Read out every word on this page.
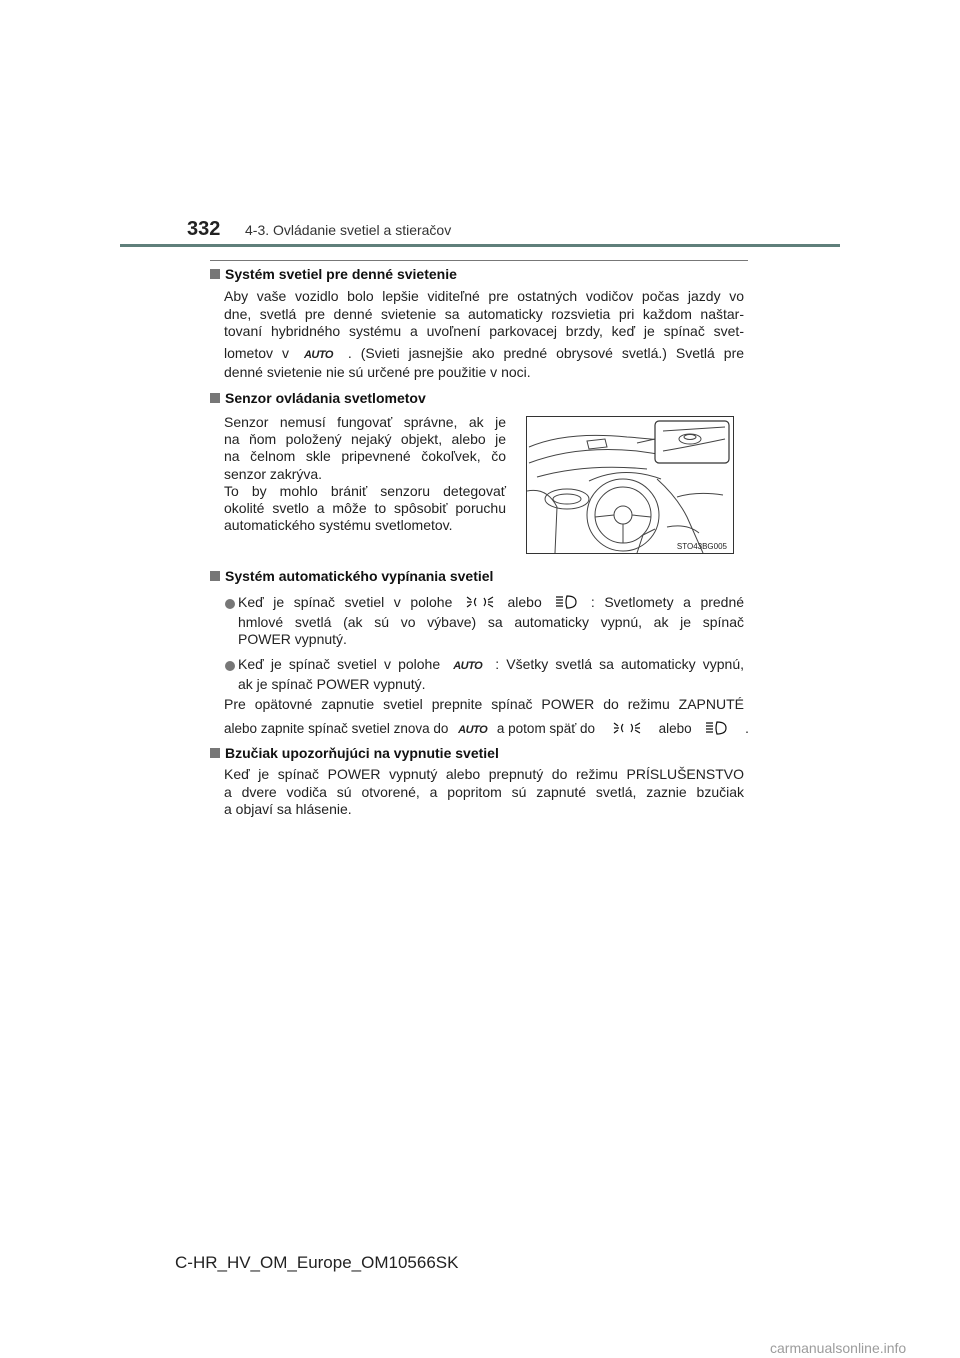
332 4-3. Ovládanie svetiel a stieračov
Systém svetiel pre denné svietenie
Aby vaše vozidlo bolo lepšie viditeľné pre ostatných vodičov počas jazdy vo
dne, svetlá pre denné svietenie sa automaticky rozsvietia pri každom naštar-
tovaní hybridného systému a uvoľnení parkovacej brzdy, keď je spínač svet-
lometov v AUTO . (Svieti jasnejšie ako predné obrysové svetlá.) Svetlá pre
denné svietenie nie sú určené pre použitie v noci.
Senzor ovládania svetlometov
Senzor nemusí fungovať správne, ak je
na ňom položený nejaký objekt, alebo je
na čelnom skle pripevnené čokoľvek, čo
senzor zakrýva.
To by mohlo brániť senzoru detegovať
okolité svetlo a môže to spôsobiť poruchu
automatického systému svetlometov.
STO43BG005
Systém automatického vypínania svetiel
Keď je spínač svetiel v polohe	alebo	: Svetlomety a predné
hmlové svetlá (ak sú vo výbave) sa automaticky vypnú, ak je spínač
POWER vypnutý.
Keď je spínač svetiel v polohe AUTO : Všetky svetlá sa automaticky vypnú,
ak je spínač POWER vypnutý.
Pre opätovné zapnutie svetiel prepnite spínač POWER do režimu ZAPNUTÉ
alebo zapnite spínač svetiel znova do AUTO a potom späť do	alebo	.
Bzučiak upozorňujúci na vypnutie svetiel
Keď je spínač POWER vypnutý alebo prepnutý do režimu PRÍSLUŠENSTVO
a dvere vodiča sú otvorené, a popritom sú zapnuté svetlá, zaznie bzučiak
a objaví sa hlásenie.
C-HR_HV_OM_Europe_OM10566SK
carmanualsonline.info
